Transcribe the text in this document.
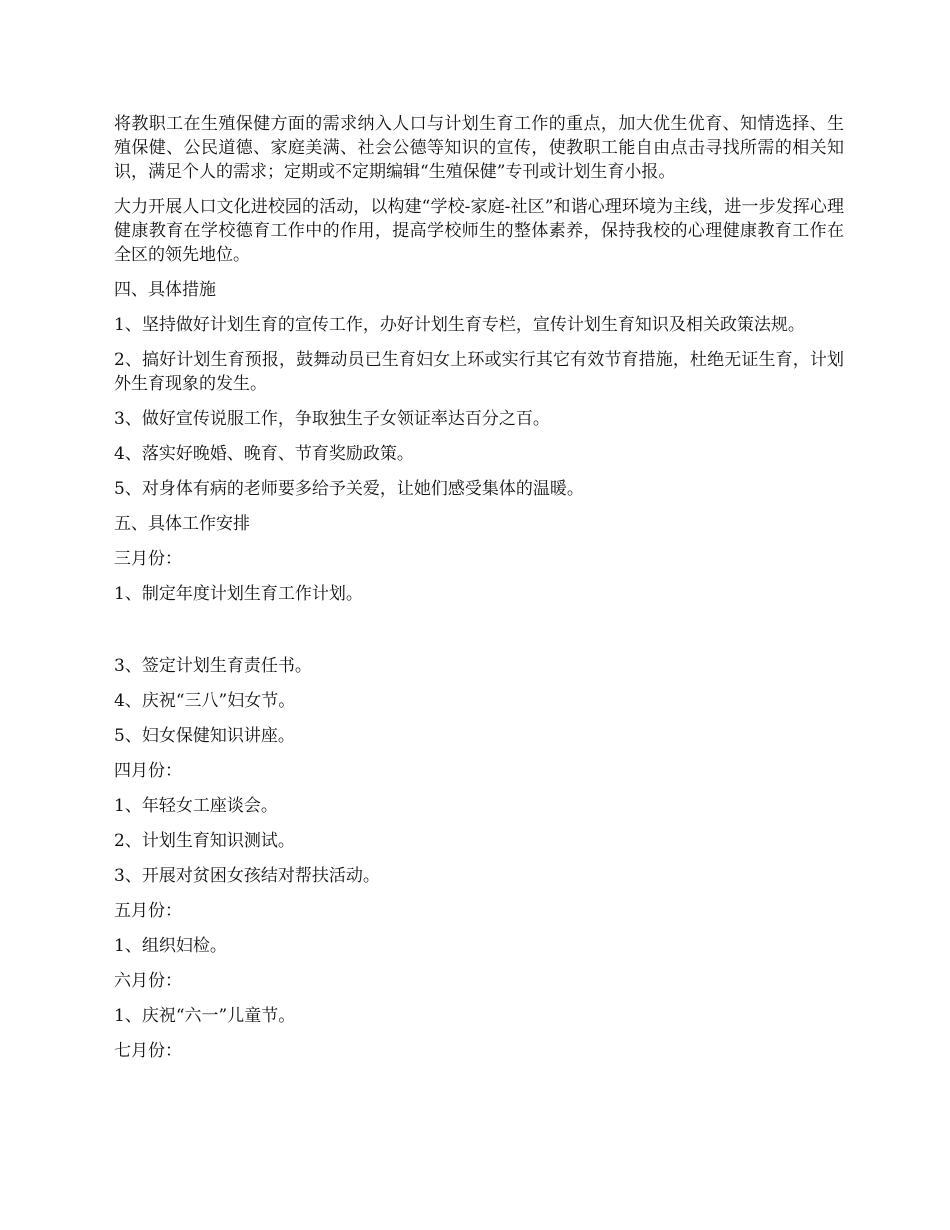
将教职工在生殖保健方面的需求纳入人口与计划生育工作的重点，加大优生优育、知情选择、生殖保健、公民道德、家庭美满、社会公德等知识的宣传，使教职工能自由点击寻找所需的相关知识，满足个人的需求；定期或不定期编辑“生殖保健”专刊或计划生育小报。

大力开展人口文化进校园的活动，以构建“学校-家庭-社区”和谐心理环境为主线，进一步发挥心理健康教育在学校德育工作中的作用，提高学校师生的整体素养，保持我校的心理健康教育工作在全区的领先地位。

四、具体措施

1、坚持做好计划生育的宣传工作，办好计划生育专栏，宣传计划生育知识及相关政策法规。

2、搞好计划生育预报，鼓舞动员已生育妇女上环或实行其它有效节育措施，杜绝无证生育，计划外生育现象的发生。

3、做好宣传说服工作，争取独生子女领证率达百分之百。

4、落实好晚婚、晚育、节育奖励政策。

5、对身体有病的老师要多给予关爱，让她们感受集体的温暖。

五、具体工作安排

三月份：

1、制定年度计划生育工作计划。

3、签定计划生育责任书。

4、庆祝“三八”妇女节。

5、妇女保健知识讲座。

四月份：

1、年轻女工座谈会。

2、计划生育知识测试。

3、开展对贫困女孩结对帮扶活动。

五月份：

1、组织妇检。

六月份：

1、庆祝“六一”儿童节。

七月份：
